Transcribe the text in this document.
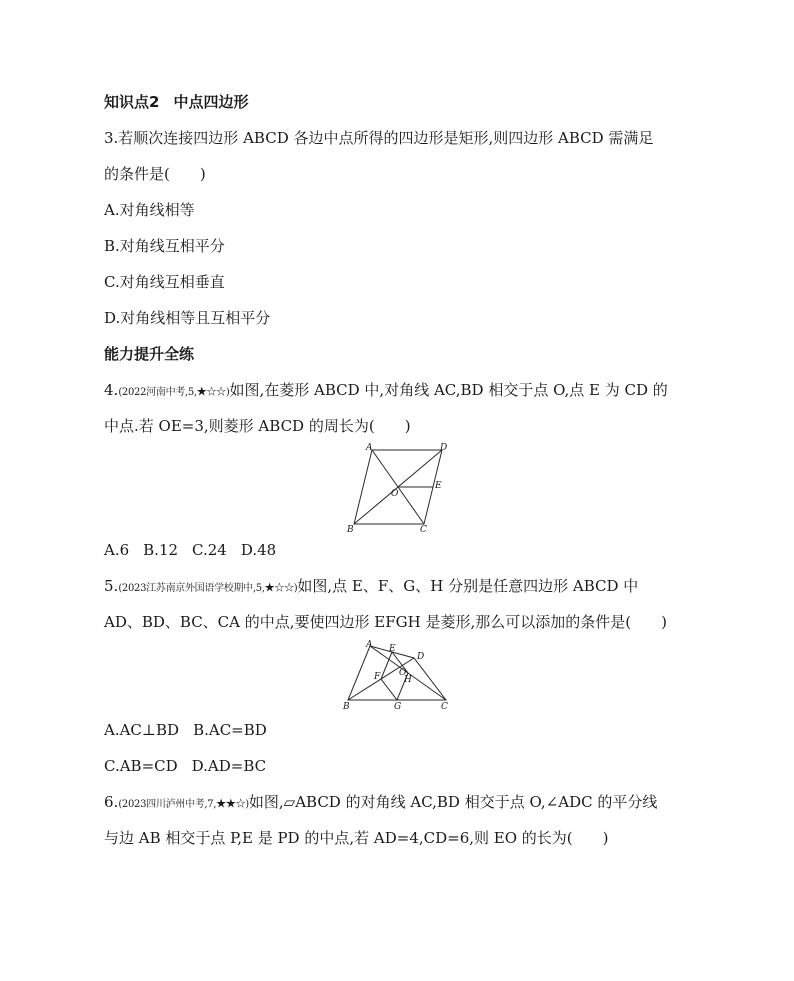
知识点2 中点四边形
3.若顺次连接四边形 ABCD 各边中点所得的四边形是矩形,则四边形 ABCD 需满足
的条件是(　　)
A.对角线相等
B.对角线互相平分
C.对角线互相垂直
D.对角线相等且互相平分
能力提升全练
4.(2022河南中考,5,★☆☆)如图,在菱形 ABCD 中,对角线 AC,BD 相交于点 O,点 E 为 CD 的
中点.若 OE=3,则菱形 ABCD 的周长为(　　)
A	D
B	C
O
E
A.6 B.12 C.24 D.48
5.(2023江苏南京外国语学校期中,5,★☆☆)如图,点 E、F、G、H 分别是任意四边形 ABCD 中
AD、BD、BC、CA 的中点,要使四边形 EFGH 是菱形,那么可以添加的条件是(　　)
A
D
B	C
E
F
G
H
O
A.AC⊥BD B.AC=BD
C.AB=CD D.AD=BC
6.(2023四川泸州中考,7,★★☆)如图,▱ABCD 的对角线 AC,BD 相交于点 O,∠ADC 的平分线
与边 AB 相交于点 P,E 是 PD 的中点,若 AD=4,CD=6,则 EO 的长为(　　)
